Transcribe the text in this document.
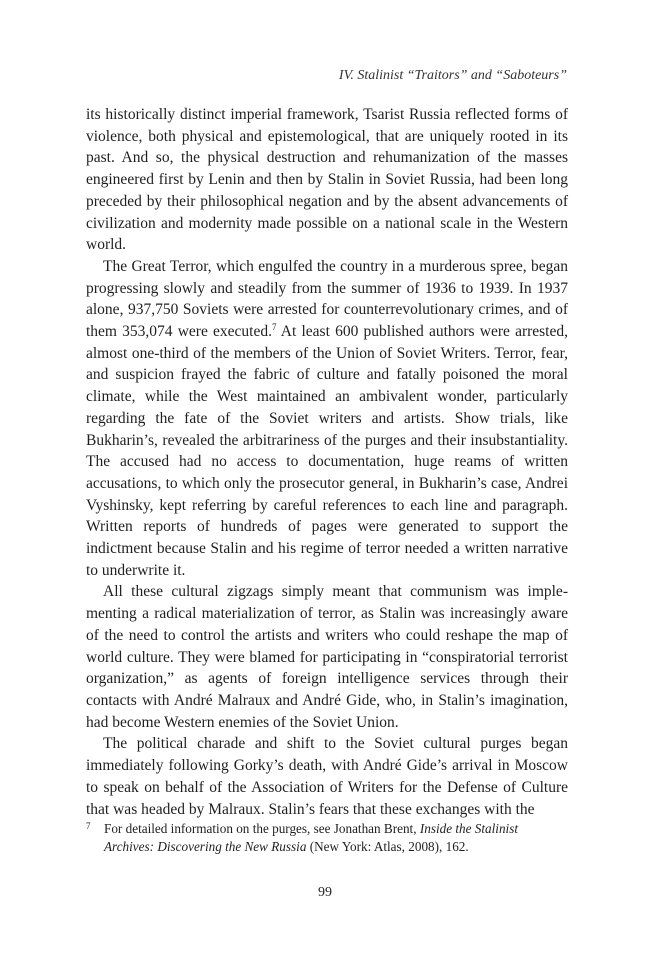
IV. Stalinist “Traitors” and “Saboteurs”

its historically distinct imperial framework, Tsarist Russia reflected forms of violence, both physical and epistemological, that are uniquely rooted in its past. And so, the physical destruction and rehumanization of the masses engineered first by Lenin and then by Stalin in Soviet Russia, had been long preceded by their philosophical negation and by the absent advancements of civilization and modernity made possible on a national scale in the Western world.

The Great Terror, which engulfed the country in a murderous spree, began progressing slowly and steadily from the summer of 1936 to 1939. In 1937 alone, 937,750 Soviets were arrested for counterrevolutionary crimes, and of them 353,074 were executed.$^7$ At least 600 published authors were arrested, almost one-third of the members of the Union of Soviet Writers. Terror, fear, and suspicion frayed the fabric of culture and fatally poisoned the moral climate, while the West maintained an ambivalent wonder, particularly regarding the fate of the Soviet writers and artists. Show trials, like Bukharin’s, revealed the arbitrariness of the purges and their insubstantiality. The accused had no access to documentation, huge reams of written accusations, to which only the prosecutor general, in Bukharin’s case, Andrei Vyshinsky, kept referring by careful references to each line and paragraph. Written reports of hundreds of pages were generated to support the indictment because Stalin and his regime of terror needed a written narrative to underwrite it.

All these cultural zigzags simply meant that communism was implementing a radical materialization of terror, as Stalin was increasingly aware of the need to control the artists and writers who could reshape the map of world culture. They were blamed for participating in “conspiratorial terrorist organization,” as agents of foreign intelligence services through their contacts with André Malraux and André Gide, who, in Stalin’s imagination, had become Western enemies of the Soviet Union.

The political charade and shift to the Soviet cultural purges began immediately following Gorky’s death, with André Gide’s arrival in Moscow to speak on behalf of the Association of Writers for the Defense of Culture that was headed by Malraux. Stalin’s fears that these exchanges with the

7 For detailed information on the purges, see Jonathan Brent, Inside the Stalinist Archives: Discovering the New Russia (New York: Atlas, 2008), 162.
99
